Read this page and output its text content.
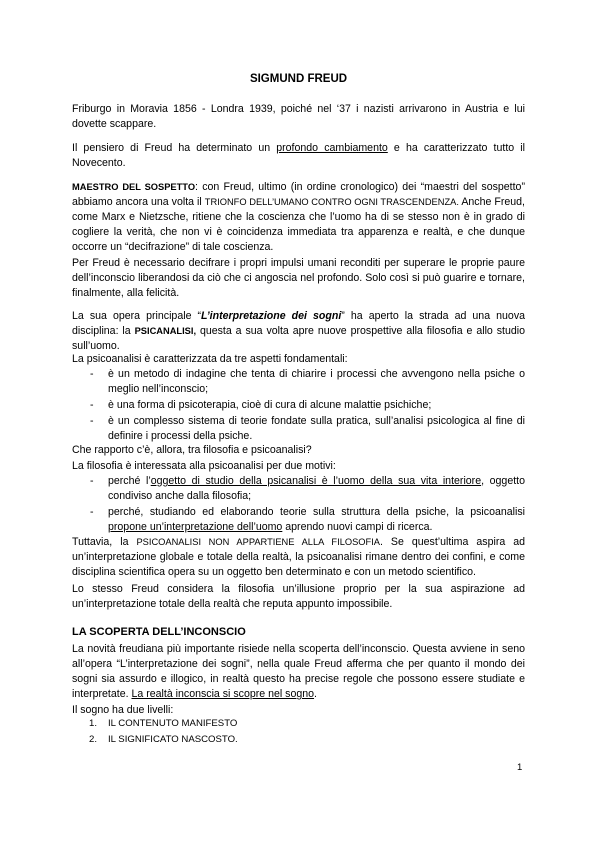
SIGMUND FREUD

Friburgo in Moravia 1856 - Londra 1939, poiché nel ‘37 i nazisti arrivarono in Austria e lui dovette scappare.

Il pensiero di Freud ha determinato un profondo cambiamento e ha caratterizzato tutto il Novecento.

MAESTRO DEL SOSPETTO: con Freud, ultimo (in ordine cronologico) dei “maestri del sospetto” abbiamo ancora una volta il TRIONFO DELL’UMANO CONTRO OGNI TRASCENDENZA. Anche Freud, come Marx e Nietzsche, ritiene che la coscienza che l’uomo ha di se stesso non è in grado di cogliere la verità, che non vi è coincidenza immediata tra apparenza e realtà, e che dunque occorre un “decifrazione” di tale coscienza.

Per Freud è necessario decifrare i propri impulsi umani reconditi per superare le proprie paure dell’inconscio liberandosi da ciò che ci angoscia nel profondo. Solo così si può guarire e tornare, finalmente, alla felicità.

La sua opera principale “L’interpretazione dei sogni” ha aperto la strada ad una nuova disciplina: la PSICANALISI, questa a sua volta apre nuove prospettive alla filosofia e allo studio sull’uomo.

La psicoanalisi è caratterizzata da tre aspetti fondamentali:

- è un metodo di indagine che tenta di chiarire i processi che avvengono nella psiche o meglio nell’inconscio;

- è una forma di psicoterapia, cioè di cura di alcune malattie psichiche;

- è un complesso sistema di teorie fondate sulla pratica, sull’analisi psicologica al fine di definire i processi della psiche.

Che rapporto c’è, allora, tra filosofia e psicoanalisi?

La filosofia è interessata alla psicoanalisi per due motivi:

- perché l’oggetto di studio della psicanalisi è l’uomo della sua vita interiore, oggetto condiviso anche dalla filosofia;

- perché, studiando ed elaborando teorie sulla struttura della psiche, la psicoanalisi propone un’interpretazione dell’uomo aprendo nuovi campi di ricerca.

Tuttavia, la PSICOANALISI NON APPARTIENE ALLA FILOSOFIA. Se quest’ultima aspira ad un’interpretazione globale e totale della realtà, la psicoanalisi rimane dentro dei confini, e come disciplina scientifica opera su un oggetto ben determinato e con un metodo scientifico.

Lo stesso Freud considera la filosofia un’illusione proprio per la sua aspirazione ad un’interpretazione totale della realtà che reputa appunto impossibile.

LA SCOPERTA DELL’INCONSCIO

La novità freudiana più importante risiede nella scoperta dell’inconscio. Questa avviene in seno all’opera “L’interpretazione dei sogni”, nella quale Freud afferma che per quanto il mondo dei sogni sia assurdo e illogico, in realtà questo ha precise regole che possono essere studiate e interpretate. La realtà inconscia si scopre nel sogno.

Il sogno ha due livelli:

1. IL CONTENUTO MANIFESTO
2. IL SIGNIFICATO NASCOSTO.
1
